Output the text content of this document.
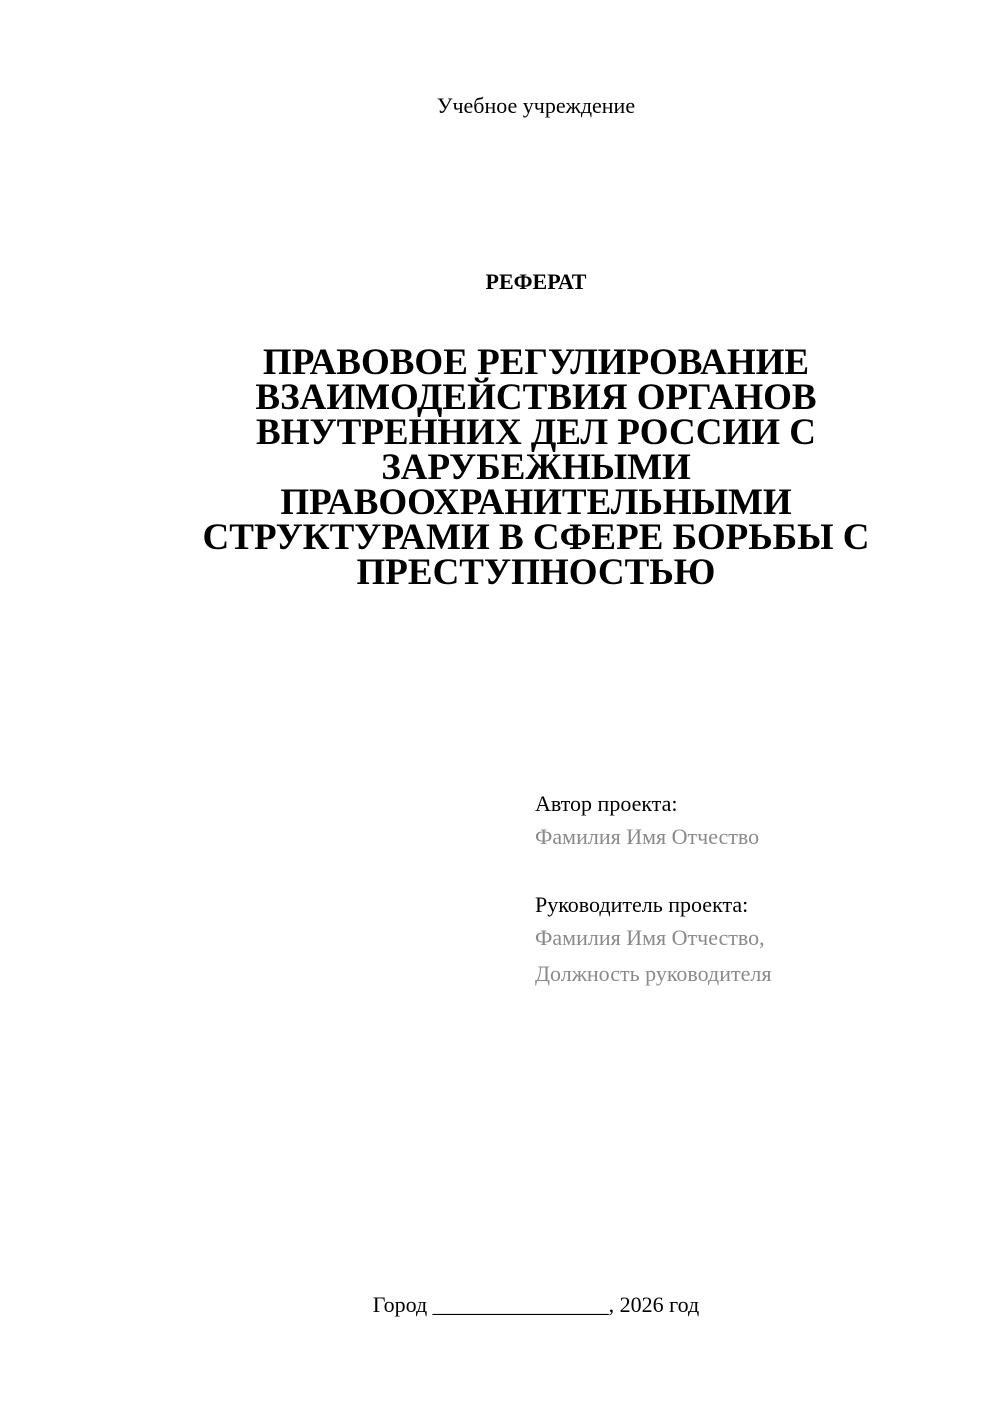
Учебное учреждение
РЕФЕРАТ
ПРАВОВОЕ РЕГУЛИРОВАНИЕ ВЗАИМОДЕЙСТВИЯ ОРГАНОВ ВНУТРЕННИХ ДЕЛ РОССИИ С ЗАРУБЕЖНЫМИ ПРАВООХРАНИТЕЛЬНЫМИ СТРУКТУРАМИ В СФЕРЕ БОРЬБЫ С ПРЕСТУПНОСТЬЮ
Автор проекта:
Фамилия Имя Отчество
Руководитель проекта:
Фамилия Имя Отчество,
Должность руководителя
Город ________________, 2026 год
